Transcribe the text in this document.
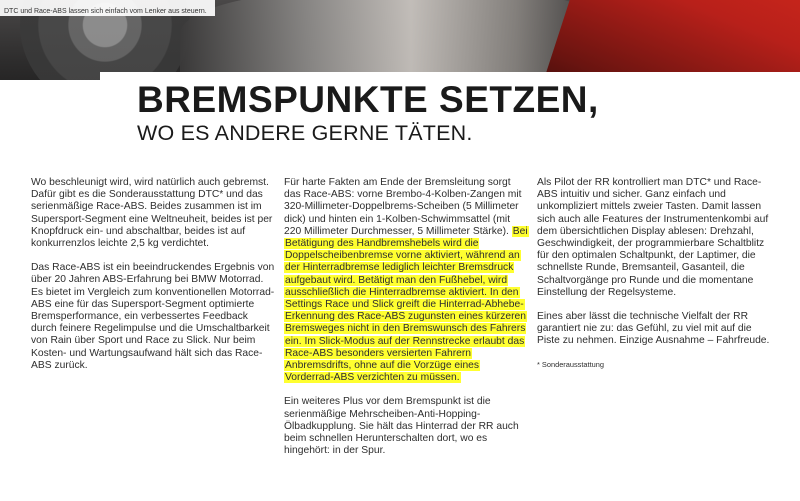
DTC und Race-ABS lassen sich einfach vom Lenker aus steuern.
BREMSPUNKTE SETZEN,
WO ES ANDERE GERNE TÄTEN.

Wo beschleunigt wird, wird natürlich auch gebremst. Dafür gibt es die Sonderausstattung DTC* und das serienmäßige Race-ABS. Beides zusammen ist im Supersport-Segment eine Weltneuheit, beides ist per Knopfdruck ein- und abschaltbar, beides ist auf konkurrenzlos leichte 2,5 kg verdichtet.

Das Race-ABS ist ein beeindruckendes Ergebnis von über 20 Jahren ABS-Erfahrung bei BMW Motorrad. Es bietet im Vergleich zum konventionellen Motorrad-ABS eine für das Supersport-Segment optimierte Bremsperformance, ein verbessertes Feedback durch feinere Regelimpulse und die Umschaltbarkeit von Rain über Sport und Race zu Slick. Nur beim Kosten- und Wartungsaufwand hält sich das Race-ABS zurück.

Für harte Fakten am Ende der Bremsleitung sorgt das Race-ABS: vorne Brembo-4-Kolben-Zangen mit 320-Millimeter-Doppelbrems-Scheiben (5 Millimeter dick) und hinten ein 1-Kolben-Schwimmsattel (mit 220 Millimeter Durchmesser, 5 Millimeter Stärke). Bei Betätigung des Handbremshebels wird die Doppelscheibenbremse vorne aktiviert, während an der Hinterradbremse lediglich leichter Bremsdruck aufgebaut wird. Betätigt man den Fußhebel, wird ausschließlich die Hinterradbremse aktiviert. In den Settings Race und Slick greift die Hinterrad-Abhebe-Erkennung des Race-ABS zugunsten eines kürzeren Bremsweges nicht in den Bremswunsch des Fahrers ein. Im Slick-Modus auf der Rennstrecke erlaubt das Race-ABS besonders versierten Fahrern Anbremsdrifts, ohne auf die Vorzüge eines Vorderrad-ABS verzichten zu müssen.

Ein weiteres Plus vor dem Bremspunkt ist die serienmäßige Mehrscheiben-Anti-Hopping-Ölbadkupplung. Sie hält das Hinterrad der RR auch beim schnellen Herunterschalten dort, wo es hingehört: in der Spur.

Als Pilot der RR kontrolliert man DTC* und Race-ABS intuitiv und sicher. Ganz einfach und unkompliziert mittels zweier Tasten. Damit lassen sich auch alle Features der Instrumentenkombi auf dem übersichtlichen Display ablesen: Drehzahl, Geschwindigkeit, der programmierbare Schaltblitz für den optimalen Schaltpunkt, der Laptimer, die schnellste Runde, Bremsanteil, Gasanteil, die Schaltvorgänge pro Runde und die momentane Einstellung der Regelsysteme.

Eines aber lässt die technische Vielfalt der RR garantiert nie zu: das Gefühl, zu viel mit auf die Piste zu nehmen. Einzige Ausnahme – Fahrfreude.

* Sonderausstattung
